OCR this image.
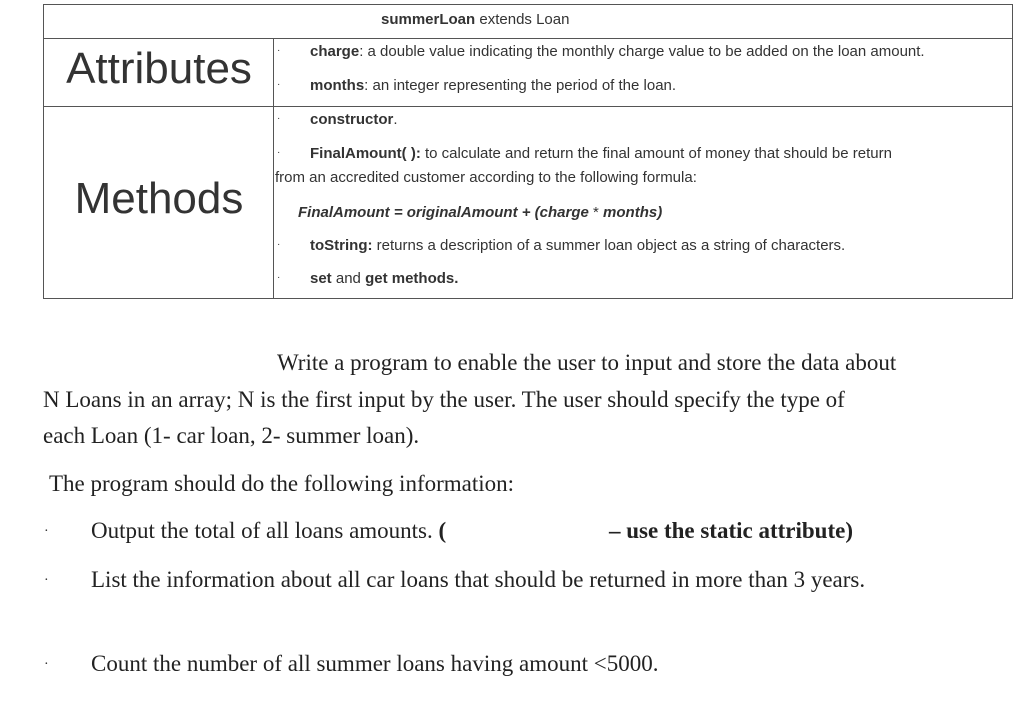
summerLoan extends Loan
Attributes	· charge: a double value indicating the monthly charge value to be added on the loan amount.
· months: an integer representing the period of the loan.
Methods
· constructor.
· FinalAmount( ): to calculate and return the final amount of money that should be return
from an accredited customer according to the following formula:
FinalAmount = originalAmount + (charge * months)
· toString: returns a description of a summer loan object as a string of characters.
· set and get methods.
Write a program to enable the user to input and store the data about
N Loans in an array; N is the first input by the user. The user should specify the type of
each Loan (1- car loan, 2- summer loan).
The program should do the following information:
· Output the total of all loans amounts. (	– use the static attribute)
· List the information about all car loans that should be returned in more than 3 years.
· Count the number of all summer loans having amount <5000.
